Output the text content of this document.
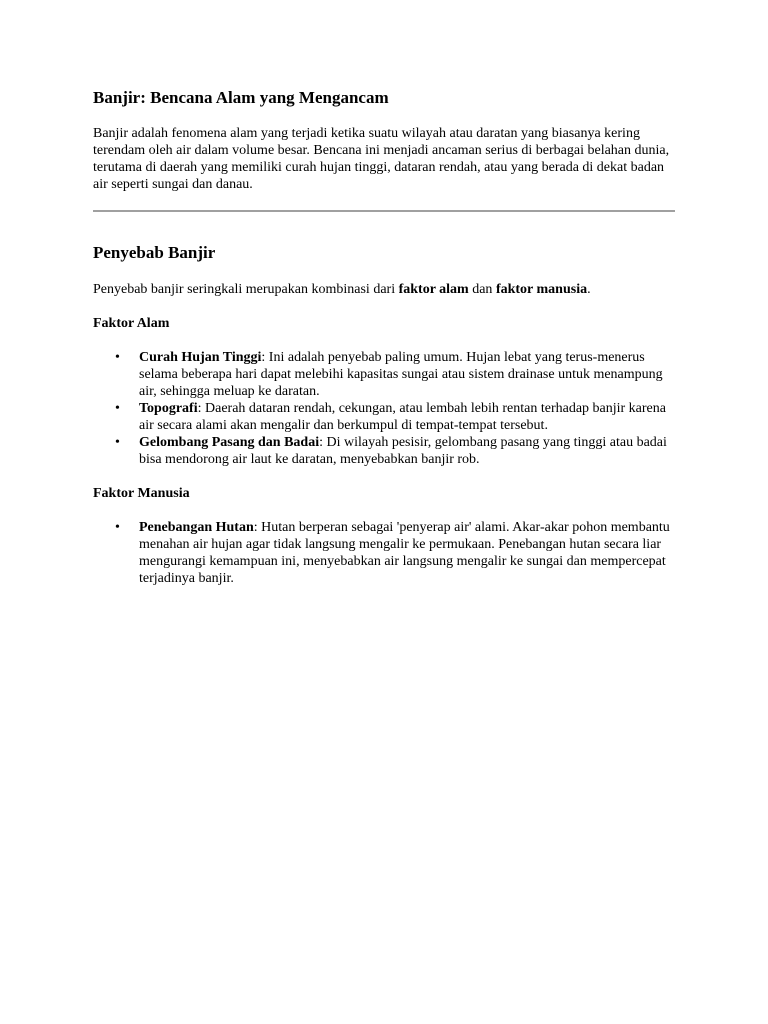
Banjir: Bencana Alam yang Mengancam

Banjir adalah fenomena alam yang terjadi ketika suatu wilayah atau daratan yang biasanya kering terendam oleh air dalam volume besar. Bencana ini menjadi ancaman serius di berbagai belahan dunia, terutama di daerah yang memiliki curah hujan tinggi, dataran rendah, atau yang berada di dekat badan air seperti sungai dan danau.

Penyebab Banjir

Penyebab banjir seringkali merupakan kombinasi dari faktor alam dan faktor manusia.

Faktor Alam
• Curah Hujan Tinggi: Ini adalah penyebab paling umum. Hujan lebat yang terus-menerus selama beberapa hari dapat melebihi kapasitas sungai atau sistem drainase untuk menampung air, sehingga meluap ke daratan.
• Topografi: Daerah dataran rendah, cekungan, atau lembah lebih rentan terhadap banjir karena air secara alami akan mengalir dan berkumpul di tempat-tempat tersebut.
• Gelombang Pasang dan Badai: Di wilayah pesisir, gelombang pasang yang tinggi atau badai bisa mendorong air laut ke daratan, menyebabkan banjir rob.
Faktor Manusia
• Penebangan Hutan: Hutan berperan sebagai 'penyerap air' alami. Akar-akar pohon membantu menahan air hujan agar tidak langsung mengalir ke permukaan. Penebangan hutan secara liar mengurangi kemampuan ini, menyebabkan air langsung mengalir ke sungai dan mempercepat terjadinya banjir.
